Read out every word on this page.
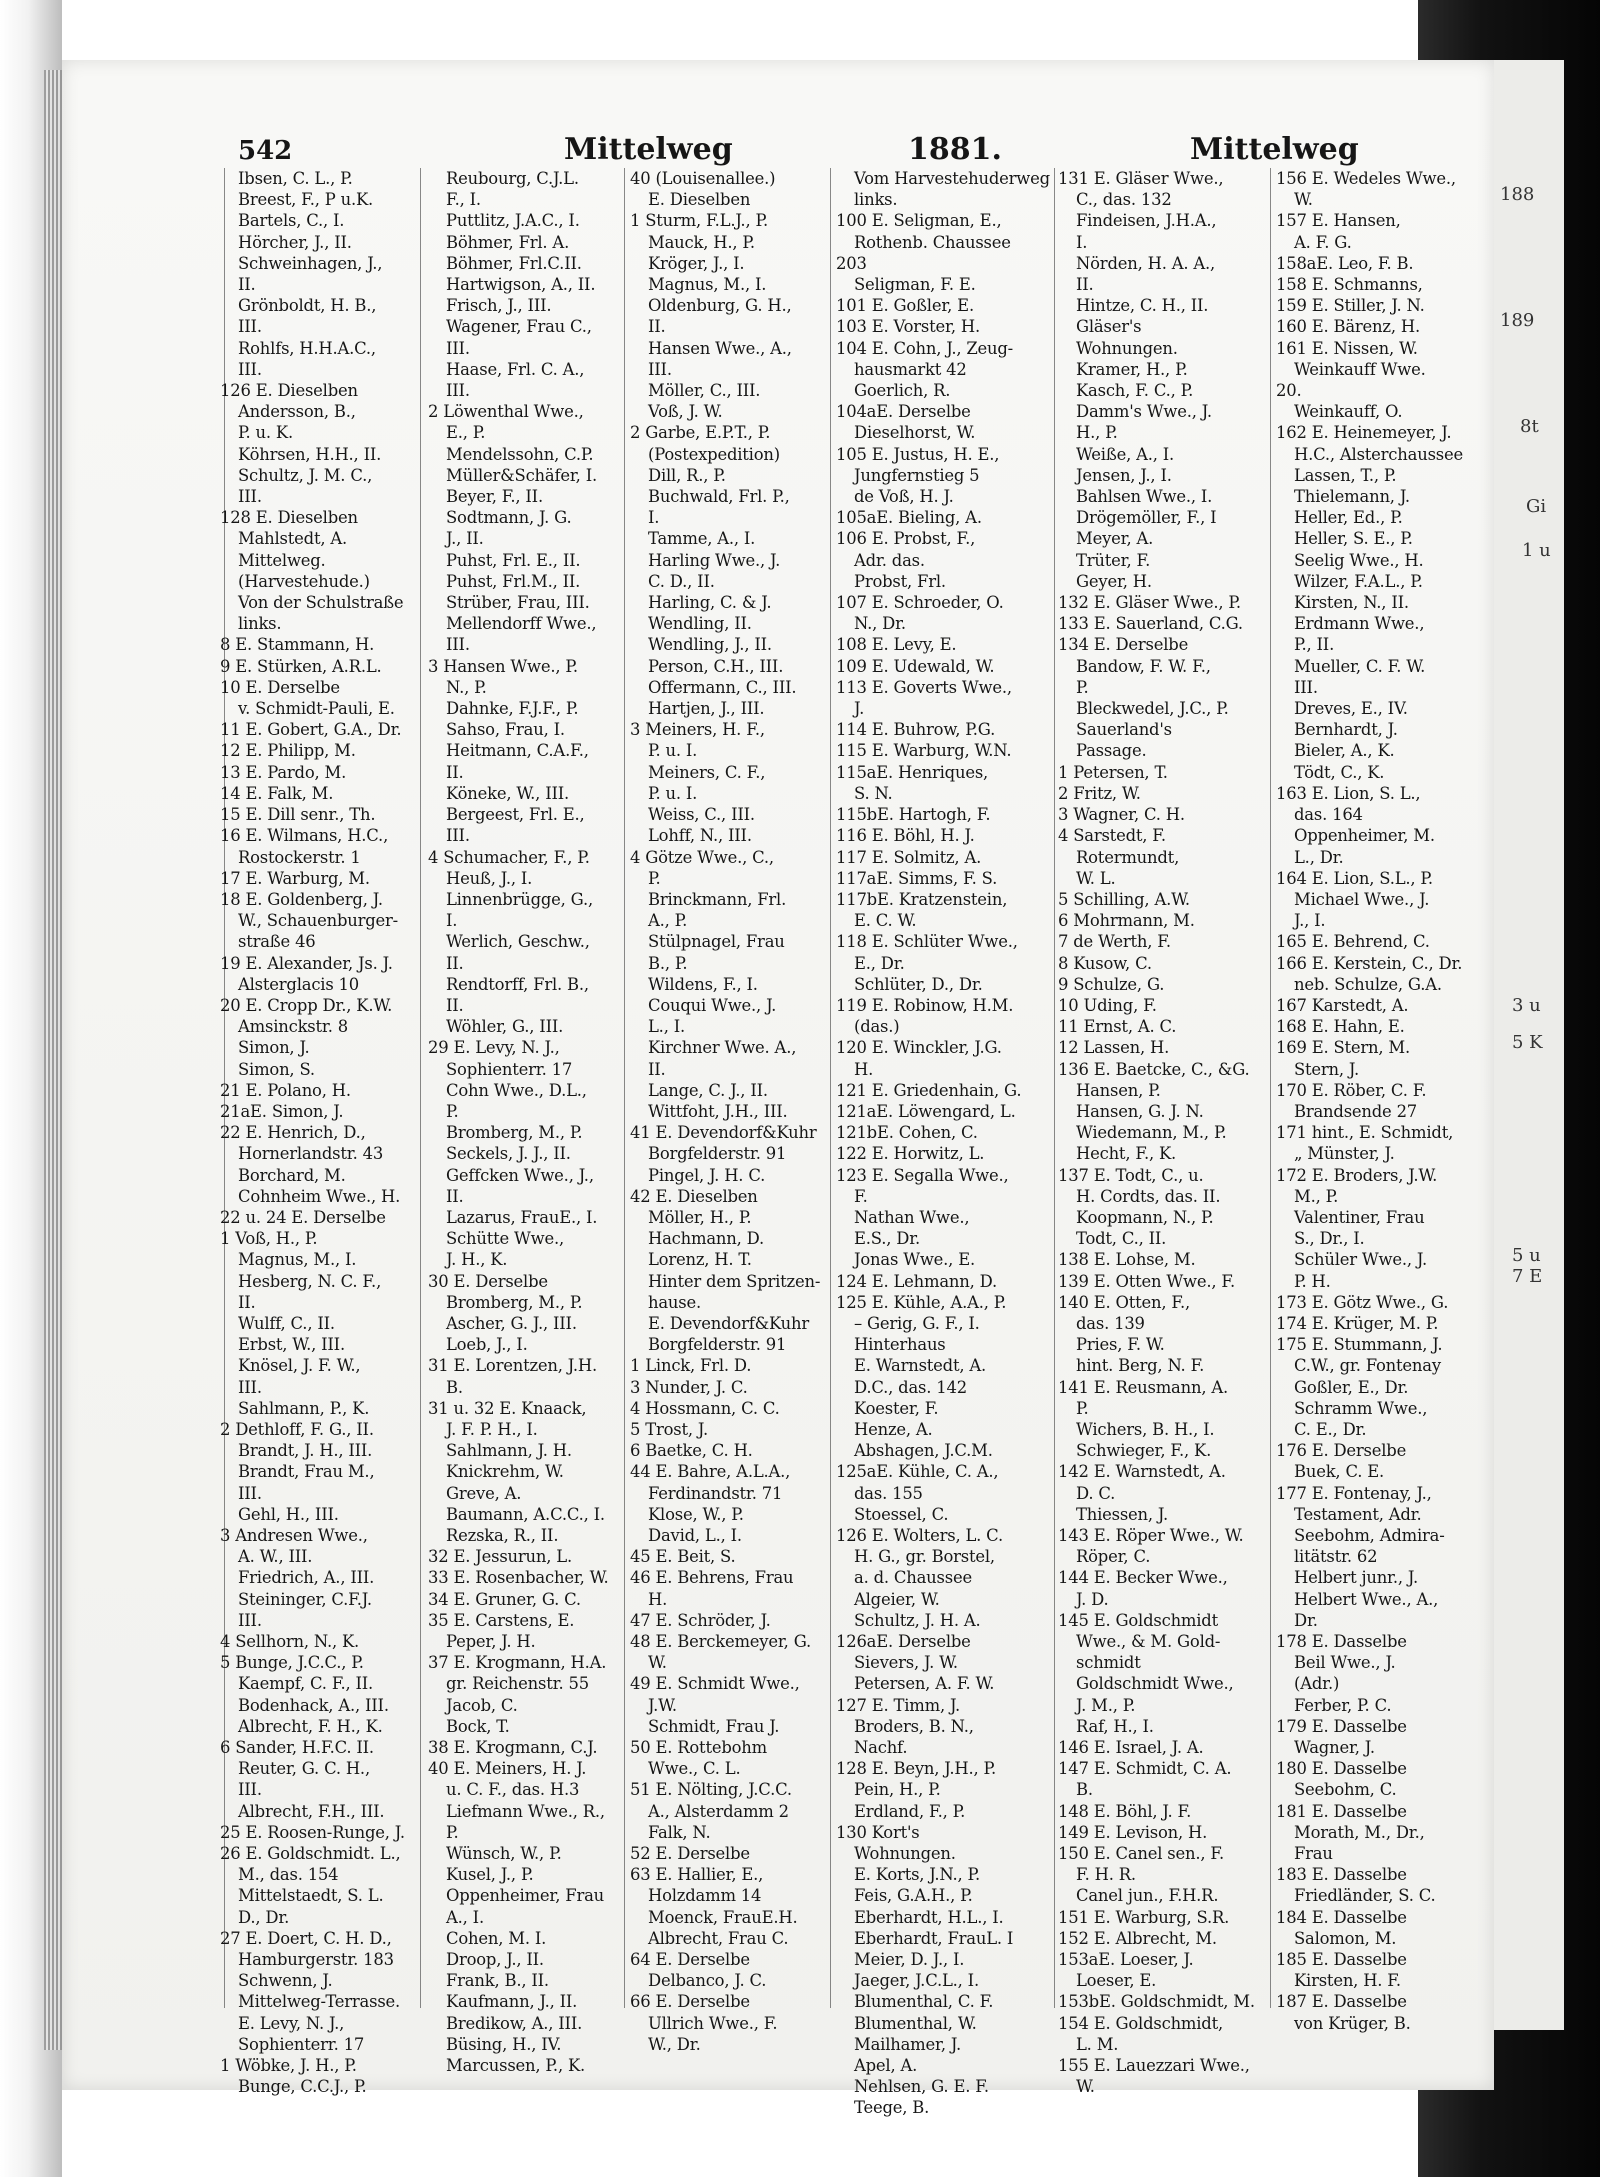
188
189
8t
Gi
1 u
5 u
7 E
3 u
5 K
542	Mittelweg	1881.	Mittelweg
Ibsen, C. L., P.
Breest, F., P u.K.
Bartels, C., I.
Hörcher, J., II.
Schweinhagen, J.,
II.
Grönboldt, H. B.,
III.
Rohlfs, H.H.A.C.,
III.
126 E. Dieselben
Andersson, B.,
P. u. K.
Köhrsen, H.H., II.
Schultz, J. M. C.,
III.
128 E. Dieselben
Mahlstedt, A.
Mittelweg.
(Harvestehude.)
Von der Schulstraße
links.
8 E. Stammann, H.
9 E. Stürken, A.R.L.
10 E. Derselbe
v. Schmidt-Pauli, E.
11 E. Gobert, G.A., Dr.
12 E. Philipp, M.
13 E. Pardo, M.
14 E. Falk, M.
15 E. Dill senr., Th.
16 E. Wilmans, H.C.,
Rostockerstr. 1
17 E. Warburg, M.
18 E. Goldenberg, J.
W., Schauenburger-
straße 46
19 E. Alexander, Js. J.
Alsterglacis 10
20 E. Cropp Dr., K.W.
Amsinckstr. 8
Simon, J.
Simon, S.
21 E. Polano, H.
21aE. Simon, J.
22 E. Henrich, D.,
Hornerlandstr. 43
Borchard, M.
Cohnheim Wwe., H.
22 u. 24 E. Derselbe
1 Voß, H., P.
Magnus, M., I.
Hesberg, N. C. F.,
II.
Wulff, C., II.
Erbst, W., III.
Knösel, J. F. W.,
III.
Sahlmann, P., K.
2 Dethloff, F. G., II.
Brandt, J. H., III.
Brandt, Frau M.,
III.
Gehl, H., III.
3 Andresen Wwe.,
A. W., III.
Friedrich, A., III.
Steininger, C.F.J.
III.
4 Sellhorn, N., K.
5 Bunge, J.C.C., P.
Kaempf, C. F., II.
Bodenhack, A., III.
Albrecht, F. H., K.
6 Sander, H.F.C. II.
Reuter, G. C. H.,
III.
Albrecht, F.H., III.
25 E. Roosen-Runge, J.
26 E. Goldschmidt. L.,
M., das. 154
Mittelstaedt, S. L.
D., Dr.
27 E. Doert, C. H. D.,
Hamburgerstr. 183
Schwenn, J.
Mittelweg-Terrasse.
E. Levy, N. J.,
Sophienterr. 17
1 Wöbke, J. H., P.
Bunge, C.C.J., P.
Reubourg, C.J.L.
F., I.
Puttlitz, J.A.C., I.
Böhmer, Frl. A.
Böhmer, Frl.C.II.
Hartwigson, A., II.
Frisch, J., III.
Wagener, Frau C.,
III.
Haase, Frl. C. A.,
III.
2 Löwenthal Wwe.,
E., P.
Mendelssohn, C.P.
Müller&Schäfer, I.
Beyer, F., II.
Sodtmann, J. G.
J., II.
Puhst, Frl. E., II.
Puhst, Frl.M., II.
Strüber, Frau, III.
Mellendorff Wwe.,
III.
3 Hansen Wwe., P.
N., P.
Dahnke, F.J.F., P.
Sahso, Frau, I.
Heitmann, C.A.F.,
II.
Köneke, W., III.
Bergeest, Frl. E.,
III.
4 Schumacher, F., P.
Heuß, J., I.
Linnenbrügge, G.,
I.
Werlich, Geschw.,
II.
Rendtorff, Frl. B.,
II.
Wöhler, G., III.
29 E. Levy, N. J.,
Sophienterr. 17
Cohn Wwe., D.L.,
P.
Bromberg, M., P.
Seckels, J. J., II.
Geffcken Wwe., J.,
II.
Lazarus, FrauE., I.
Schütte Wwe.,
J. H., K.
30 E. Derselbe
Bromberg, M., P.
Ascher, G. J., III.
Loeb, J., I.
31 E. Lorentzen, J.H.
B.
31 u. 32 E. Knaack,
J. F. P. H., I.
Sahlmann, J. H.
Knickrehm, W.
Greve, A.
Baumann, A.C.C., I.
Rezska, R., II.
32 E. Jessurun, L.
33 E. Rosenbacher, W.
34 E. Gruner, G. C.
35 E. Carstens, E.
Peper, J. H.
37 E. Krogmann, H.A.
gr. Reichenstr. 55
Jacob, C.
Bock, T.
38 E. Krogmann, C.J.
40 E. Meiners, H. J.
u. C. F., das. H.3
Liefmann Wwe., R.,
P.
Wünsch, W., P.
Kusel, J., P.
Oppenheimer, Frau
A., I.
Cohen, M. I.
Droop, J., II.
Frank, B., II.
Kaufmann, J., II.
Bredikow, A., III.
Büsing, H., IV.
Marcussen, P., K.
40 (Louisenallee.)
E. Dieselben
1 Sturm, F.L.J., P.
Mauck, H., P.
Kröger, J., I.
Magnus, M., I.
Oldenburg, G. H.,
II.
Hansen Wwe., A.,
III.
Möller, C., III.
Voß, J. W.
2 Garbe, E.P.T., P.
(Postexpedition)
Dill, R., P.
Buchwald, Frl. P.,
I.
Tamme, A., I.
Harling Wwe., J.
C. D., II.
Harling, C. & J.
Wendling, II.
Wendling, J., II.
Person, C.H., III.
Offermann, C., III.
Hartjen, J., III.
3 Meiners, H. F.,
P. u. I.
Meiners, C. F.,
P. u. I.
Weiss, C., III.
Lohff, N., III.
4 Götze Wwe., C.,
P.
Brinckmann, Frl.
A., P.
Stülpnagel, Frau
B., P.
Wildens, F., I.
Couqui Wwe., J.
L., I.
Kirchner Wwe. A.,
II.
Lange, C. J., II.
Wittfoht, J.H., III.
41 E. Devendorf&Kuhr
Borgfelderstr. 91
Pingel, J. H. C.
42 E. Dieselben
Möller, H., P.
Hachmann, D.
Lorenz, H. T.
Hinter dem Spritzen-
hause.
E. Devendorf&Kuhr
Borgfelderstr. 91
1 Linck, Frl. D.
3 Nunder, J. C.
4 Hossmann, C. C.
5 Trost, J.
6 Baetke, C. H.
44 E. Bahre, A.L.A.,
Ferdinandstr. 71
Klose, W., P.
David, L., I.
45 E. Beit, S.
46 E. Behrens, Frau
H.
47 E. Schröder, J.
48 E. Berckemeyer, G.
W.
49 E. Schmidt Wwe.,
J.W.
Schmidt, Frau J.
50 E. Rottebohm
Wwe., C. L.
51 E. Nölting, J.C.C.
A., Alsterdamm 2
Falk, N.
52 E. Derselbe
63 E. Hallier, E.,
Holzdamm 14
Moenck, FrauE.H.
Albrecht, Frau C.
64 E. Derselbe
Delbanco, J. C.
66 E. Derselbe
Ullrich Wwe., F.
W., Dr.
Vom Harvestehuderweg
links.
100 E. Seligman, E.,
Rothenb. Chaussee
203
Seligman, F. E.
101 E. Goßler, E.
103 E. Vorster, H.
104 E. Cohn, J., Zeug-
hausmarkt 42
Goerlich, R.
104aE. Derselbe
Dieselhorst, W.
105 E. Justus, H. E.,
Jungfernstieg 5
de Voß, H. J.
105aE. Bieling, A.
106 E. Probst, F.,
Adr. das.
Probst, Frl.
107 E. Schroeder, O.
N., Dr.
108 E. Levy, E.
109 E. Udewald, W.
113 E. Goverts Wwe.,
J.
114 E. Buhrow, P.G.
115 E. Warburg, W.N.
115aE. Henriques,
S. N.
115bE. Hartogh, F.
116 E. Böhl, H. J.
117 E. Solmitz, A.
117aE. Simms, F. S.
117bE. Kratzenstein,
E. C. W.
118 E. Schlüter Wwe.,
E., Dr.
Schlüter, D., Dr.
119 E. Robinow, H.M.
(das.)
120 E. Winckler, J.G.
H.
121 E. Griedenhain, G.
121aE. Löwengard, L.
121bE. Cohen, C.
122 E. Horwitz, L.
123 E. Segalla Wwe.,
F.
Nathan Wwe.,
E.S., Dr.
Jonas Wwe., E.
124 E. Lehmann, D.
125 E. Kühle, A.A., P.
– Gerig, G. F., I.
Hinterhaus
E. Warnstedt, A.
D.C., das. 142
Koester, F.
Henze, A.
Abshagen, J.C.M.
125aE. Kühle, C. A.,
das. 155
Stoessel, C.
126 E. Wolters, L. C.
H. G., gr. Borstel,
a. d. Chaussee
Algeier, W.
Schultz, J. H. A.
126aE. Derselbe
Sievers, J. W.
Petersen, A. F. W.
127 E. Timm, J.
Broders, B. N.,
Nachf.
128 E. Beyn, J.H., P.
Pein, H., P.
Erdland, F., P.
130 Kort's
Wohnungen.
E. Korts, J.N., P.
Feis, G.A.H., P.
Eberhardt, H.L., I.
Eberhardt, FrauL. I
Meier, D. J., I.
Jaeger, J.C.L., I.
Blumenthal, C. F.
Blumenthal, W.
Mailhamer, J.
Apel, A.
Nehlsen, G. E. F.
Teege, B.
131 E. Gläser Wwe.,
C., das. 132
Findeisen, J.H.A.,
I.
Nörden, H. A. A.,
II.
Hintze, C. H., II.
Gläser's
Wohnungen.
Kramer, H., P.
Kasch, F. C., P.
Damm's Wwe., J.
H., P.
Weiße, A., I.
Jensen, J., I.
Bahlsen Wwe., I.
Drögemöller, F., I
Meyer, A.
Trüter, F.
Geyer, H.
132 E. Gläser Wwe., P.
133 E. Sauerland, C.G.
134 E. Derselbe
Bandow, F. W. F.,
P.
Bleckwedel, J.C., P.
Sauerland's
Passage.
1 Petersen, T.
2 Fritz, W.
3 Wagner, C. H.
4 Sarstedt, F.
Rotermundt,
W. L.
5 Schilling, A.W.
6 Mohrmann, M.
7 de Werth, F.
8 Kusow, C.
9 Schulze, G.
10 Uding, F.
11 Ernst, A. C.
12 Lassen, H.
136 E. Baetcke, C., &G.
Hansen, P.
Hansen, G. J. N.
Wiedemann, M., P.
Hecht, F., K.
137 E. Todt, C., u.
H. Cordts, das. II.
Koopmann, N., P.
Todt, C., II.
138 E. Lohse, M.
139 E. Otten Wwe., F.
140 E. Otten, F.,
das. 139
Pries, F. W.
hint. Berg, N. F.
141 E. Reusmann, A.
P.
Wichers, B. H., I.
Schwieger, F., K.
142 E. Warnstedt, A.
D. C.
Thiessen, J.
143 E. Röper Wwe., W.
Röper, C.
144 E. Becker Wwe.,
J. D.
145 E. Goldschmidt
Wwe., & M. Gold-
schmidt
Goldschmidt Wwe.,
J. M., P.
Raf, H., I.
146 E. Israel, J. A.
147 E. Schmidt, C. A.
B.
148 E. Böhl, J. F.
149 E. Levison, H.
150 E. Canel sen., F.
F. H. R.
Canel jun., F.H.R.
151 E. Warburg, S.R.
152 E. Albrecht, M.
153aE. Loeser, J.
Loeser, E.
153bE. Goldschmidt, M.
154 E. Goldschmidt,
L. M.
155 E. Lauezzari Wwe.,
W.
156 E. Wedeles Wwe.,
W.
157 E. Hansen,
A. F. G.
158aE. Leo, F. B.
158 E. Schmanns,
159 E. Stiller, J. N.
160 E. Bärenz, H.
161 E. Nissen, W.
Weinkauff Wwe.
20.
Weinkauff, O.
162 E. Heinemeyer, J.
H.C., Alsterchaussee
Lassen, T., P.
Thielemann, J.
Heller, Ed., P.
Heller, S. E., P.
Seelig Wwe., H.
Wilzer, F.A.L., P.
Kirsten, N., II.
Erdmann Wwe.,
P., II.
Mueller, C. F. W.
III.
Dreves, E., IV.
Bernhardt, J.
Bieler, A., K.
Tödt, C., K.
163 E. Lion, S. L.,
das. 164
Oppenheimer, M.
L., Dr.
164 E. Lion, S.L., P.
Michael Wwe., J.
J., I.
165 E. Behrend, C.
166 E. Kerstein, C., Dr.
neb. Schulze, G.A.
167 Karstedt, A.
168 E. Hahn, E.
169 E. Stern, M.
Stern, J.
170 E. Röber, C. F.
Brandsende 27
171 hint., E. Schmidt,
„ Münster, J.
172 E. Broders, J.W.
M., P.
Valentiner, Frau
S., Dr., I.
Schüler Wwe., J.
P. H.
173 E. Götz Wwe., G.
174 E. Krüger, M. P.
175 E. Stummann, J.
C.W., gr. Fontenay
Goßler, E., Dr.
Schramm Wwe.,
C. E., Dr.
176 E. Derselbe
Buek, C. E.
177 E. Fontenay, J.,
Testament, Adr.
Seebohm, Admira-
litätstr. 62
Helbert junr., J.
Helbert Wwe., A.,
Dr.
178 E. Dasselbe
Beil Wwe., J.
(Adr.)
Ferber, P. C.
179 E. Dasselbe
Wagner, J.
180 E. Dasselbe
Seebohm, C.
181 E. Dasselbe
Morath, M., Dr.,
Frau
183 E. Dasselbe
Friedländer, S. C.
184 E. Dasselbe
Salomon, M.
185 E. Dasselbe
Kirsten, H. F.
187 E. Dasselbe
von Krüger, B.
